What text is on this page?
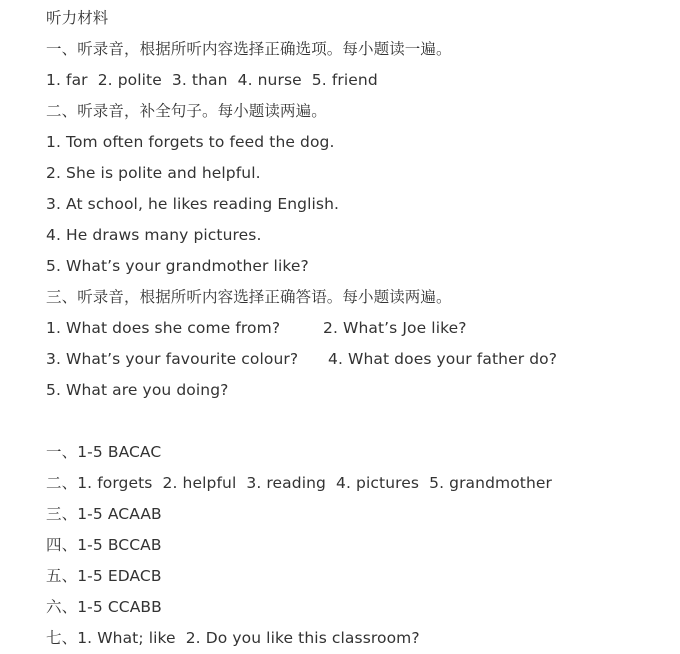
听力材料
一、听录音，根据所听内容选择正确选项。每小题读一遍。
1. far  2. polite  3. than  4. nurse  5. friend
二、听录音，补全句子。每小题读两遍。
1. Tom often forgets to feed the dog.
2. She is polite and helpful.
3. At school, he likes reading English.
4. He draws many pictures.
5. What’s your grandmother like?
三、听录音，根据所听内容选择正确答语。每小题读两遍。
1. What does she come from?	2. What’s Joe like?
3. What’s your favourite colour? 4. What does your father do?
5. What are you doing?
一、1-5 BACAC
二、1. forgets  2. helpful  3. reading  4. pictures  5. grandmother
三、1-5 ACAAB
四、1-5 BCCAB
五、1-5 EDACB
六、1-5 CCABB
七、1. What; like  2. Do you like this classroom?
